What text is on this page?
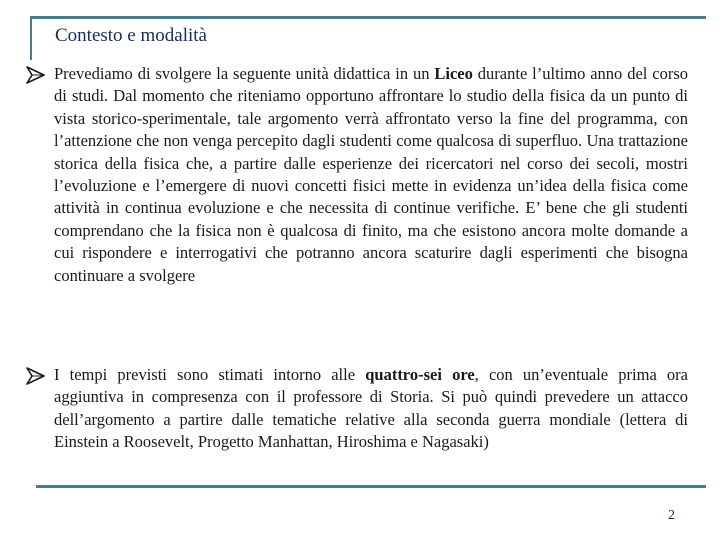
Contesto e modalità

Prevediamo di svolgere la seguente unità didattica in un Liceo durante l’ultimo anno del corso di studi. Dal momento che riteniamo opportuno affrontare lo studio della fisica da un punto di vista storico-sperimentale, tale argomento verrà affrontato verso la fine del programma, con l’attenzione che non venga percepito dagli studenti come qualcosa di superfluo. Una trattazione storica della fisica che, a partire dalle esperienze dei ricercatori nel corso dei secoli, mostri l’evoluzione e l’emergere di nuovi concetti fisici mette in evidenza un’idea della fisica come attività in continua evoluzione e che necessita di continue verifiche. E’ bene che gli studenti comprendano che la fisica non è qualcosa di finito, ma che esistono ancora molte domande a cui rispondere e interrogativi che potranno ancora scaturire dagli esperimenti che bisogna continuare a svolgere

I tempi previsti sono stimati intorno alle quattro-sei ore, con un’eventuale prima ora aggiuntiva in compresenza con il professore di Storia. Si può quindi prevedere un attacco dell’argomento a partire dalle tematiche relative alla seconda guerra mondiale (lettera di Einstein a Roosevelt, Progetto Manhattan, Hiroshima e Nagasaki)

2
